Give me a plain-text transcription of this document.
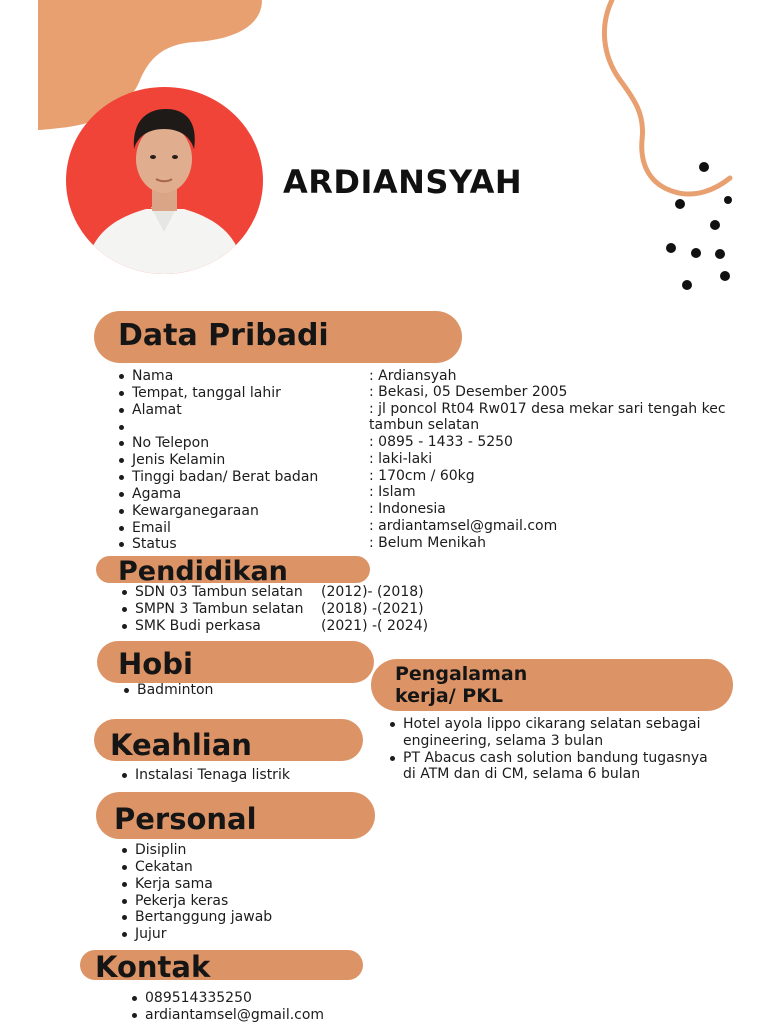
ARDIANSYAH
Data Pribadi
Nama	: Ardiansyah
Tempat, tanggal lahir	: Bekasi, 05 Desember 2005
Alamat	: jl poncol Rt04 Rw017 desa mekar sari tengah kec
tambun selatan
No Telepon	: 0895 - 1433 - 5250
Jenis Kelamin	: laki-laki
Tinggi badan/ Berat badan	: 170cm / 60kg
Agama	: Islam
Kewarganegaraan	: Indonesia
Email	: ardiantamsel@gmail.com
Status	: Belum Menikah
Pendidikan
SDN 03 Tambun selatan (2012)- (2018)
SMPN 3 Tambun selatan (2018) -(2021)
SMK Budi perkasa	(2021) -( 2024)
Hobi
Badminton
Pengalaman
kerja/ PKL
Hotel ayola lippo cikarang selatan sebagai
engineering, selama 3 bulan
PT Abacus cash solution bandung tugasnya
di ATM dan di CM, selama 6 bulan
Keahlian
Instalasi Tenaga listrik
Personal
Disiplin
Cekatan
Kerja sama
Pekerja keras
Bertanggung jawab
Jujur
Kontak
089514335250
ardiantamsel@gmail.com
